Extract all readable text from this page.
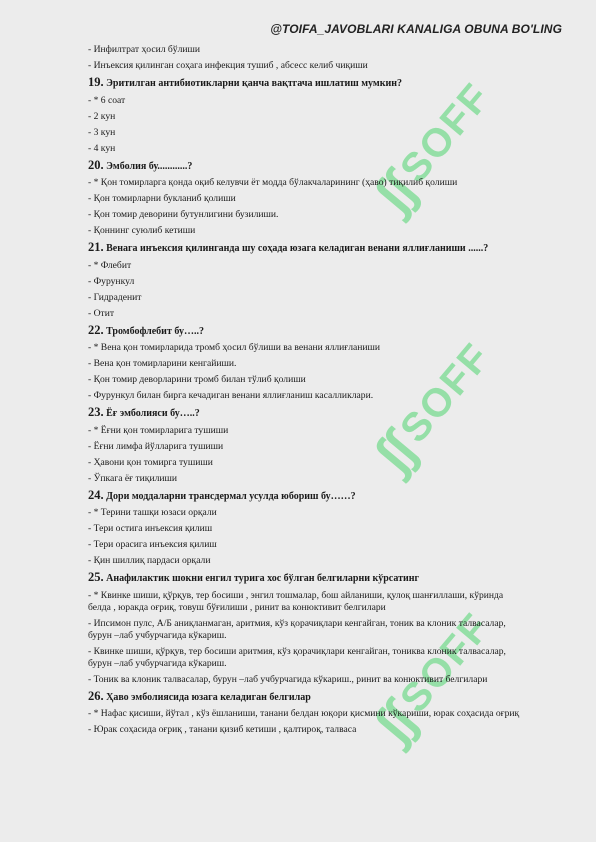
@TOIFA_JAVOBLARI KANALIGA OBUNA BO'LING
∫∫
SOFF
∫∫
SOFF
∫∫
SOFF
- Инфилтрат ҳосил бўлиши
- Инъексия қилинган соҳага инфекция тушиб , абсесс келиб чиқиши
19. Эритилган антибиотикларни қанча вақтгача ишлатиш мумкин?
- * 6 соат
- 2 кун
- 3 кун
- 4 кун
20. Эмболия бу............?
- * Қон томирларга қонда оқиб келувчи ёт модда бўлакчаларининг (ҳаво) тиқилиб қолиши
- Қон томирларни букланиб қолиши
- Қон томир деворини бутунлигини бузилиши.
- Қоннинг суюлиб кетиши
21. Венага инъексия қилинганда шу соҳада юзага келадиган венани яллиғланиши ......?
- * Флебит
- Фурункул
- Гидраденит
- Отит
22. Тромбофлебит бу…..?
- * Вена қон томирларида тромб ҳосил бўлиши ва венани яллиғланиши
- Вена қон томирларини кенгайиши.
- Қон томир деворларини тромб билан тўлиб қолиши
- Фурункул билан бирга кечадиган венани яллиғланиш касалликлари.
23. Ёғ эмболияси бу…..?
- * Ёғни қон томирларига тушиши
- Ёғни лимфа йўлларига тушиши
- Ҳавони қон томирга тушиши
- Ўпкага ёғ тиқилиши
24. Дори моддаларни трансдермал усулда юбориш бу……?
- * Терини ташқи юзаси орқали
- Тери остига инъексия қилиш
- Тери орасига инъексия қилиш
- Қин шиллиқ пардаси орқали
25. Анафилактик шокни енгил турига хос бўлган белгиларни кўрсатинг
- * Квинке шиши, қўрқув, тер босиши , энгил тошмалар, бош айланиши, қулоқ шанғиллаши, кўринда белда , юракда оғриқ, товуш бўғилиши , ринит ва конюктивит белгилари
- Ипсимон пулс, А/Б аниқланмаган, аритмия, кўз қорачиқлари кенгайган, тоник ва клоник талвасалар, бурун –лаб учбурчагида кўкариш.
- Квинке шиши, қўрқув, тер босиши аритмия, кўз қорачиқлари кенгайган, тониква клоник талвасалар, бурун –лаб учбурчагида кўкариш.
- Тоник ва клоник талвасалар, бурун –лаб учбурчагида кўкариш., ринит ва конюктивит белгилари
26. Ҳаво эмболиясида юзага келадиган белгилар
- * Нафас қисиши, йўтал , кўз ёшланиши, танани белдан юқори қисмини кўкариши, юрак соҳасида оғриқ
- Юрак соҳасида оғриқ , танани қизиб кетиши , қалтироқ, талваса
